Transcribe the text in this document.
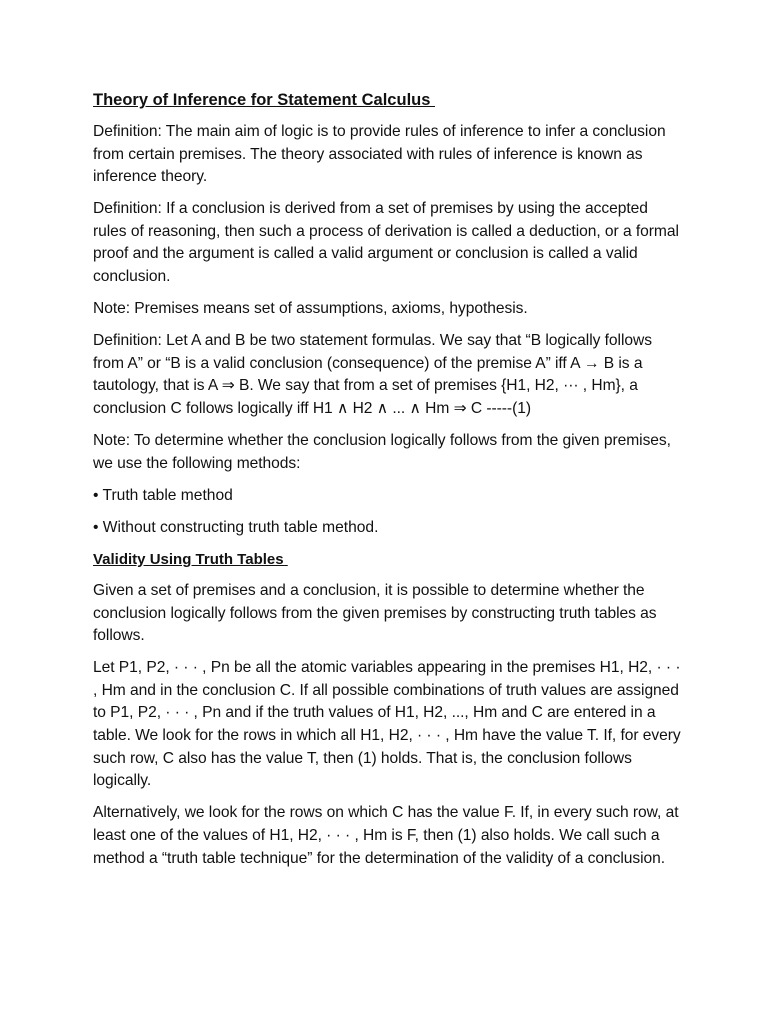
Theory of Inference for Statement Calculus

Definition: The main aim of logic is to provide rules of inference to infer a conclusion from certain premises. The theory associated with rules of inference is known as inference theory.

Definition: If a conclusion is derived from a set of premises by using the accepted rules of reasoning, then such a process of derivation is called a deduction, or a formal proof and the argument is called a valid argument or conclusion is called a valid conclusion.

Note: Premises means set of assumptions, axioms, hypothesis.

Definition: Let A and B be two statement formulas. We say that “B logically follows from A” or “B is a valid conclusion (consequence) of the premise A” iff A → B is a tautology, that is A ⇒ B. We say that from a set of premises {H1, H2, ··· , Hm}, a conclusion C follows logically iff H1 ∧ H2 ∧ ... ∧ Hm ⇒ C -----(1)

Note: To determine whether the conclusion logically follows from the given premises, we use the following methods:

• Truth table method
• Without constructing truth table method.
Validity Using Truth Tables

Given a set of premises and a conclusion, it is possible to determine whether the conclusion logically follows from the given premises by constructing truth tables as follows.

Let P1, P2, · · · , Pn be all the atomic variables appearing in the premises H1, H2, · · · , Hm and in the conclusion C. If all possible combinations of truth values are assigned to P1, P2, · · · , Pn and if the truth values of H1, H2, ..., Hm and C are entered in a table. We look for the rows in which all H1, H2, · · · , Hm have the value T. If, for every such row, C also has the value T, then (1) holds. That is, the conclusion follows logically.

Alternatively, we look for the rows on which C has the value F. If, in every such row, at least one of the values of H1, H2, · · · , Hm is F, then (1) also holds. We call such a method a “truth table technique” for the determination of the validity of a conclusion.
